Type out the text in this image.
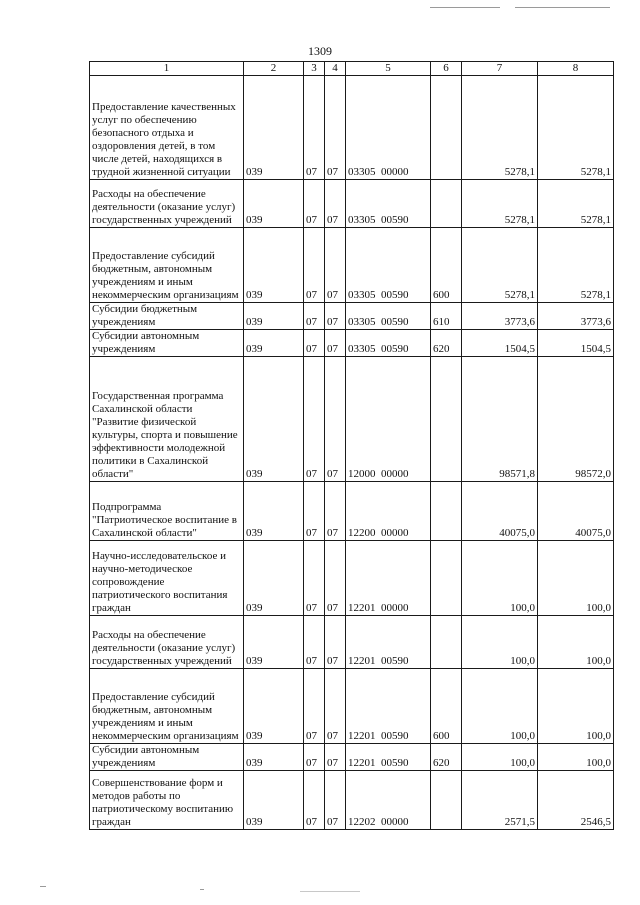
1309
1	2	3	4	5	6	7	8
Предоставление качественных услуг по обеспечению безопасного отдыха и оздоровления детей, в том числе детей, находящихся в трудной жизненной ситуации	039	07	07	03305  00000		5278,1	5278,1
Расходы на обеспечение деятельности (оказание услуг) государственных учреждений	039	07	07	03305  00590		5278,1	5278,1
Предоставление субсидий бюджетным, автономным учреждениям и иным некоммерческим организациям	039	07	07	03305  00590	600	5278,1	5278,1
Субсидии бюджетным учреждениям	039	07	07	03305  00590	610	3773,6	3773,6
Субсидии автономным учреждениям	039	07	07	03305  00590	620	1504,5	1504,5
Государственная программа Сахалинской области "Развитие физической культуры, спорта и повышение эффективности молодежной политики в Сахалинской области"	039	07	07	12000  00000		98571,8	98572,0
Подпрограмма "Патриотическое воспитание в Сахалинской области"	039	07	07	12200  00000		40075,0	40075,0
Научно-исследовательское и научно-методическое сопровождение патриотического воспитания граждан	039	07	07	12201  00000		100,0	100,0
Расходы на обеспечение деятельности (оказание услуг) государственных учреждений	039	07	07	12201  00590		100,0	100,0
Предоставление субсидий бюджетным, автономным учреждениям и иным некоммерческим организациям	039	07	07	12201  00590	600	100,0	100,0
Субсидии автономным учреждениям	039	07	07	12201  00590	620	100,0	100,0
Совершенствование форм и методов работы по патриотическому воспитанию граждан	039	07	07	12202  00000		2571,5	2546,5
